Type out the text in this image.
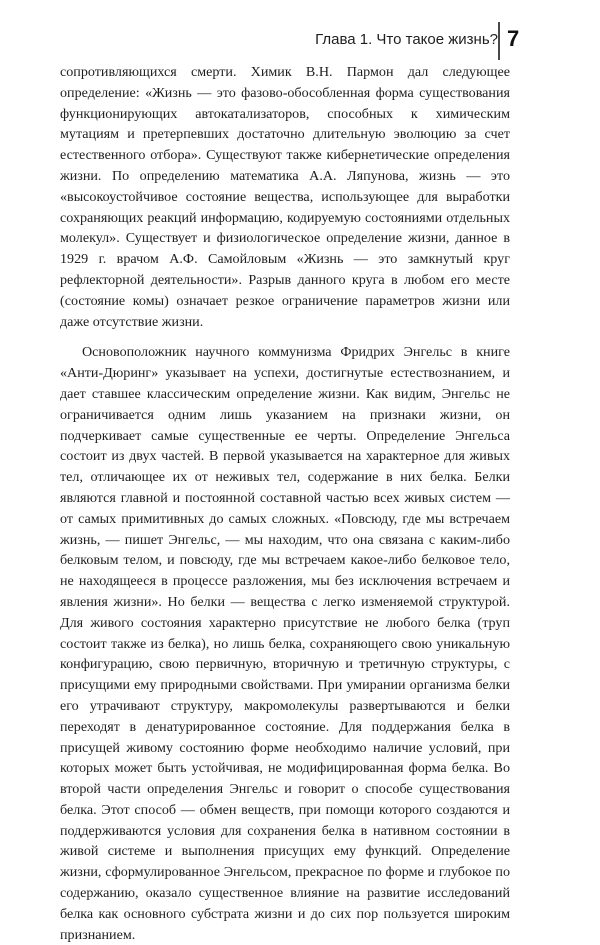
Глава 1. Что такое жизнь? 7

сопротивляющихся смерти. Химик В.Н. Пармон дал следующее определение: «Жизнь — это фазово-обособленная форма существования функционирующих автокатализаторов, способных к химическим мутациям и претерпевших достаточно длительную эволюцию за счет естественного отбора». Существуют также кибернетические определения жизни. По определению математика А.А. Ляпунова, жизнь — это «высокоустойчивое состояние вещества, использующее для выработки сохраняющих реакций информацию, кодируемую состояниями отдельных молекул». Существует и физиологическое определение жизни, данное в 1929 г. врачом А.Ф. Самойловым «Жизнь — это замкнутый круг рефлекторной деятельности». Разрыв данного круга в любом его месте (состояние комы) означает резкое ограничение параметров жизни или даже отсутствие жизни.

Основоположник научного коммунизма Фридрих Энгельс в книге «Анти-Дюринг» указывает на успехи, достигнутые естествознанием, и дает ставшее классическим определение жизни. Как видим, Энгельс не ограничивается одним лишь указанием на признаки жизни, он подчеркивает самые существенные ее черты. Определение Энгельса состоит из двух частей. В первой указывается на характерное для живых тел, отличающее их от неживых тел, содержание в них белка. Белки являются главной и постоянной составной частью всех живых систем — от самых примитивных до самых сложных. «Повсюду, где мы встречаем жизнь, — пишет Энгельс, — мы находим, что она связана с каким-либо белковым телом, и повсюду, где мы встречаем какое-либо белковое тело, не находящееся в процессе разложения, мы без исключения встречаем и явления жизни». Но белки — вещества с легко изменяемой структурой. Для живого состояния характерно присутствие не любого белка (труп состоит также из белка), но лишь белка, сохраняющего свою уникальную конфигурацию, свою первичную, вторичную и третичную структуры, с присущими ему природными свойствами. При умирании организма белки его утрачивают структуру, макромолекулы развертываются и белки переходят в денатурированное состояние. Для поддержания белка в присущей живому состоянию форме необходимо наличие условий, при которых может быть устойчивая, не модифицированная форма белка. Во второй части определения Энгельс и говорит о способе существования белка. Этот способ — обмен веществ, при помощи которого создаются и поддерживаются условия для сохранения белка в нативном состоянии в живой системе и выполнения присущих ему функций. Определение жизни, сформулированное Энгельсом, прекрасное по форме и глубокое по содержанию, оказало существенное влияние на развитие исследований белка как основного субстрата жизни и до сих пор пользуется широким признанием.
